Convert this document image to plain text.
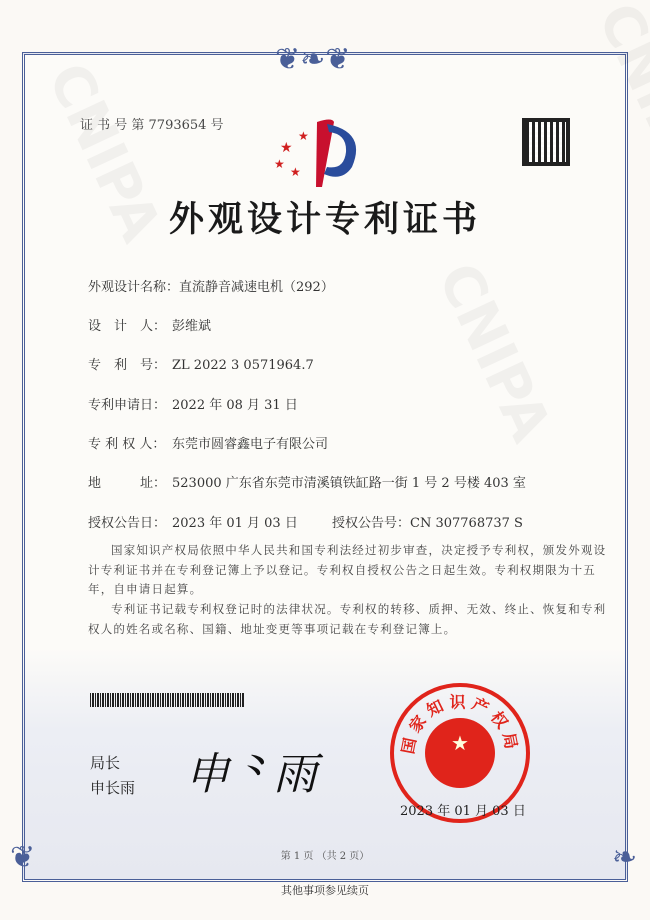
❦❧❦
❦	❧
证 书 号 第 7793654 号
★
★
★
★
外观设计专利证书
外观设计名称：直流静音减速电机（292）
设　计　人： 彭维斌
专　利　号： ZL 2022 3 0571964.7
专利申请日： 2022 年 08 月 31 日
专 利 权 人： 东莞市圆睿鑫电子有限公司
地　　　址： 523000 广东省东莞市清溪镇铁缸路一街 1 号 2 号楼 403 室
授权公告日： 2023 年 01 月 03 日	授权公告号：CN 307768737 S
国家知识产权局依照中华人民共和国专利法经过初步审查，决定授予专利权，颁发外观设计专利证书并在专利登记簿上予以登记。专利权自授权公告之日起生效。专利权期限为十五年，自申请日起算。
专利证书记载专利权登记时的法律状况。专利权的转移、质押、无效、终止、恢复和专利权人的姓名或名称、国籍、地址变更等事项记载在专利登记簿上。
局长
申长雨 申⺀雨
★
国家知识产权局
2023 年 01 月 03 日
第 1 页 （共 2 页）
其他事项参见续页
